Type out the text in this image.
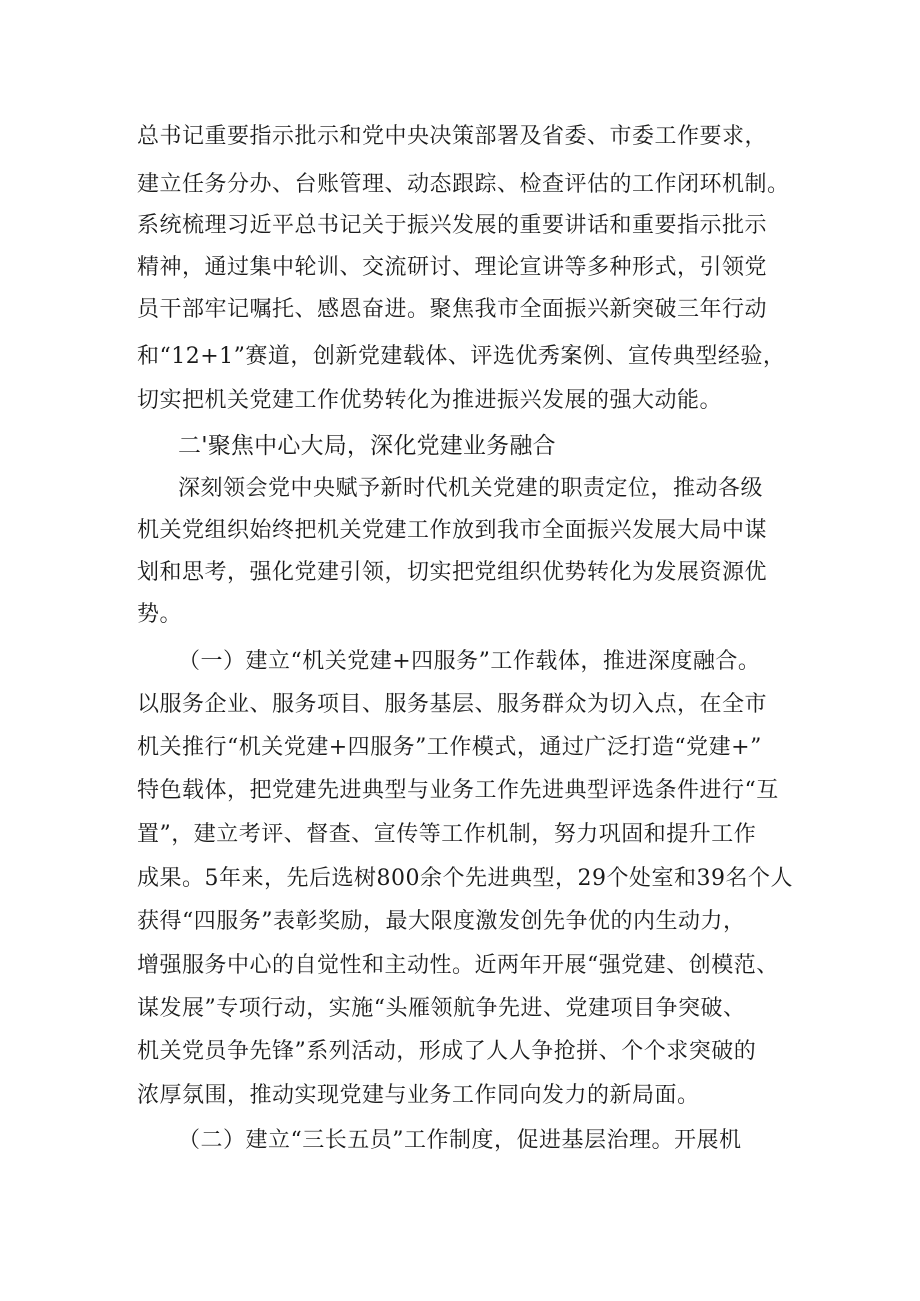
总书记重要指示批示和党中央决策部署及省委、市委工作要求，
建立任务分办、台账管理、动态跟踪、检查评估的工作闭环机制。
系统梳理习近平总书记关于振兴发展的重要讲话和重要指示批示
精神，通过集中轮训、交流研讨、理论宣讲等多种形式，引领党
员干部牢记嘱托、感恩奋进。聚焦我市全面振兴新突破三年行动
和“12+1”赛道，创新党建载体、评选优秀案例、宣传典型经验，
切实把机关党建工作优势转化为推进振兴发展的强大动能。
二'聚焦中心大局，深化党建业务融合
深刻领会党中央赋予新时代机关党建的职责定位，推动各级
机关党组织始终把机关党建工作放到我市全面振兴发展大局中谋
划和思考，强化党建引领，切实把党组织优势转化为发展资源优
势。
（一）建立“机关党建+四服务”工作载体，推进深度融合。
以服务企业、服务项目、服务基层、服务群众为切入点，在全市
机关推行“机关党建+四服务”工作模式，通过广泛打造“党建+”
特色载体，把党建先进典型与业务工作先进典型评选条件进行“互
置”，建立考评、督查、宣传等工作机制，努力巩固和提升工作
成果。5年来，先后选树800余个先进典型，29个处室和39名个人
获得“四服务”表彰奖励，最大限度激发创先争优的内生动力，
增强服务中心的自觉性和主动性。近两年开展“强党建、创模范、
谋发展”专项行动，实施“头雁领航争先进、党建项目争突破、
机关党员争先锋”系列活动，形成了人人争抢拼、个个求突破的
浓厚氛围，推动实现党建与业务工作同向发力的新局面。
（二）建立“三长五员”工作制度，促进基层治理。开展机
